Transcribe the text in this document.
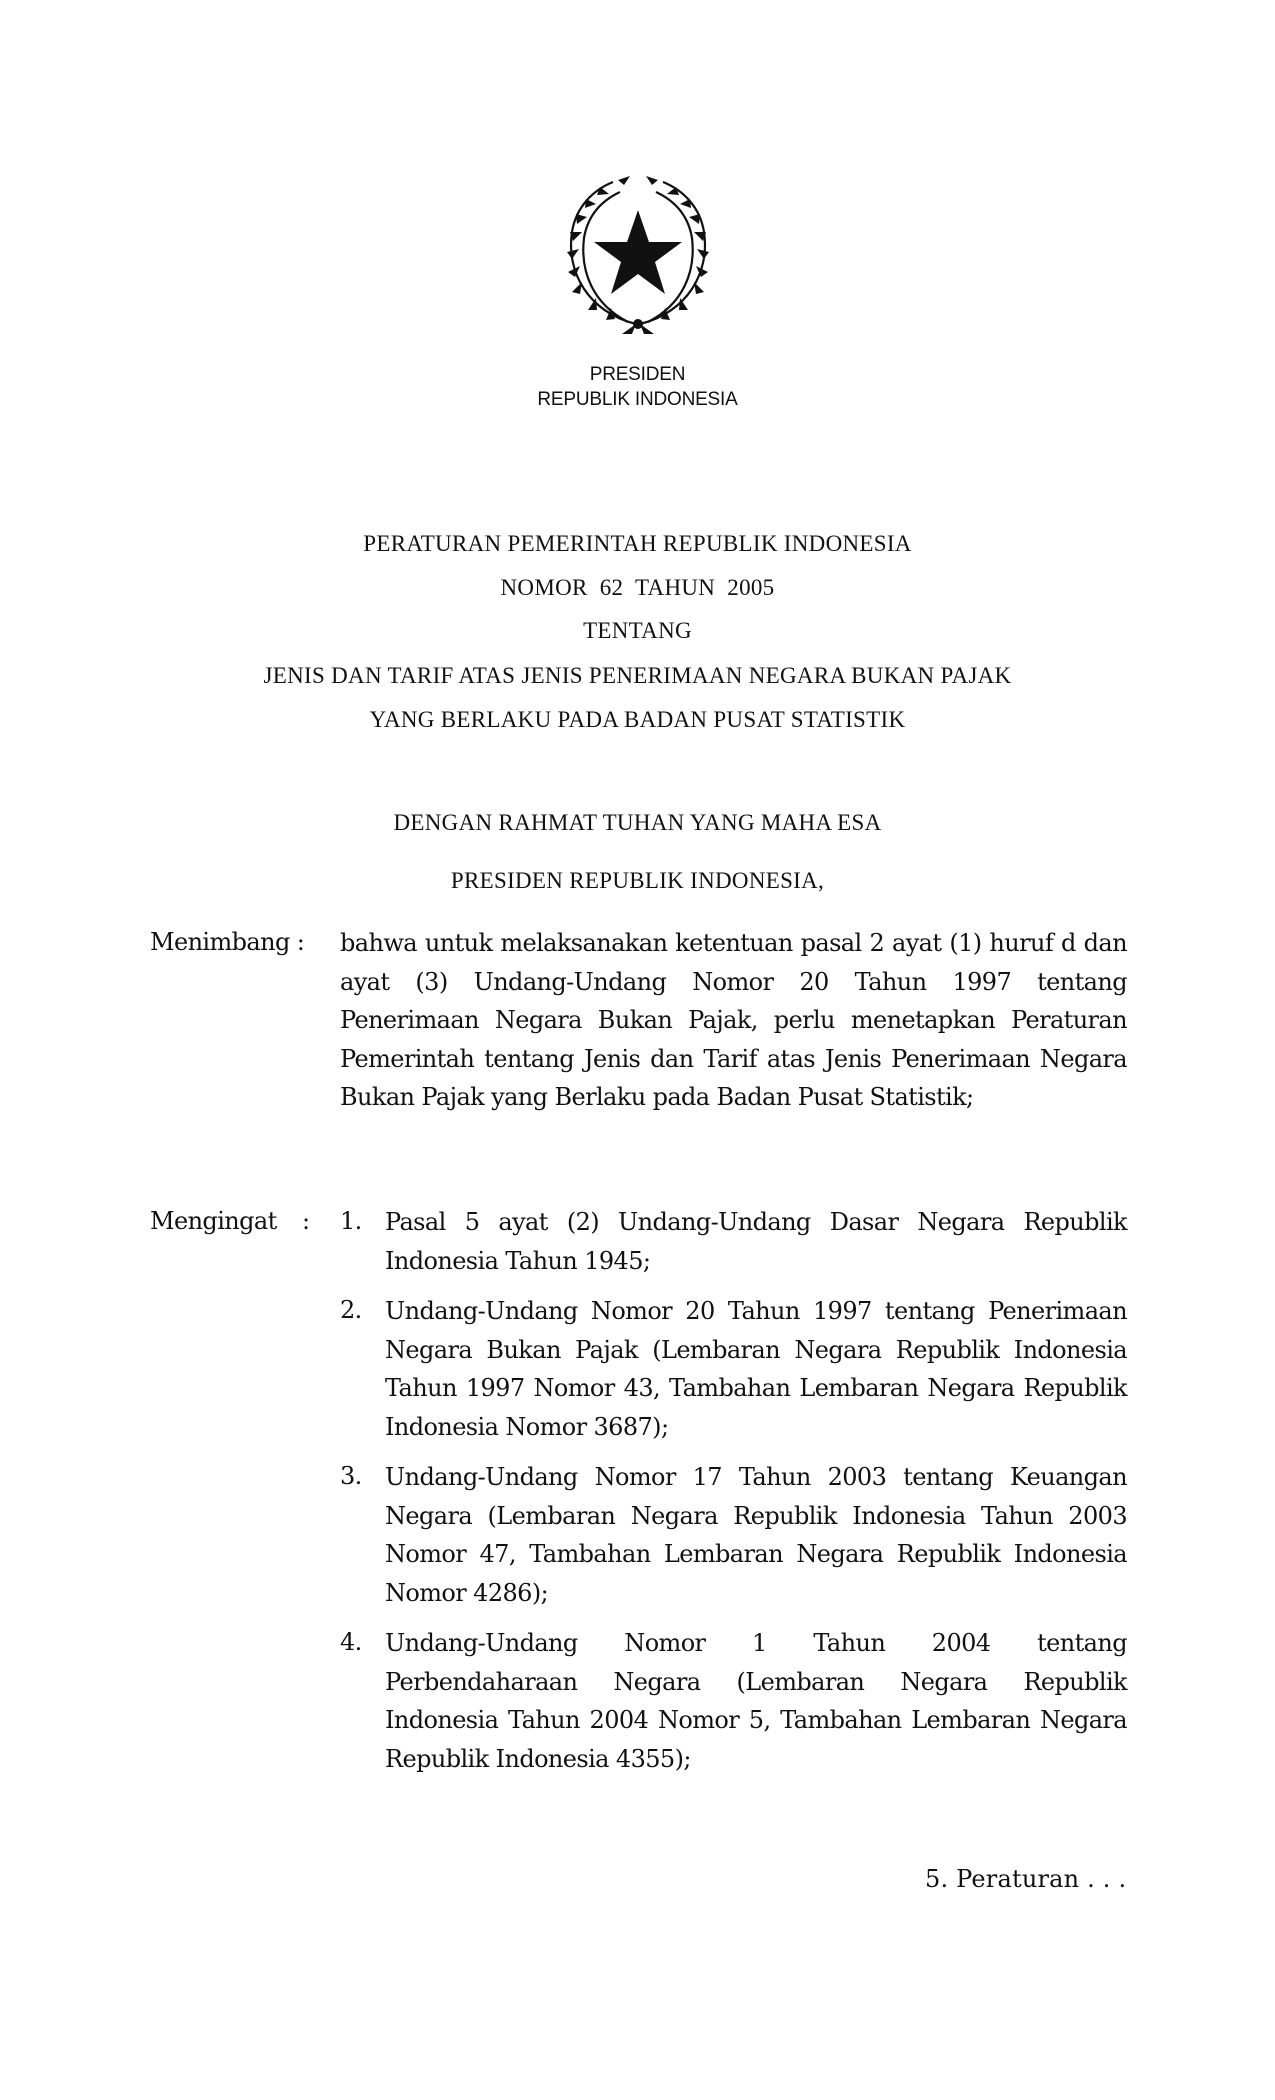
PRESIDEN
REPUBLIK INDONESIA
PERATURAN PEMERINTAH REPUBLIK INDONESIA
NOMOR  62  TAHUN  2005
TENTANG
JENIS DAN TARIF ATAS JENIS PENERIMAAN NEGARA BUKAN PAJAK
YANG BERLAKU PADA BADAN PUSAT STATISTIK
DENGAN RAHMAT TUHAN YANG MAHA ESA
PRESIDEN REPUBLIK INDONESIA,
Menimbang : bahwa untuk melaksanakan ketentuan pasal 2 ayat (1) huruf d dan ayat (3) Undang-Undang Nomor 20 Tahun 1997 tentang Penerimaan Negara Bukan Pajak, perlu menetapkan Peraturan Pemerintah tentang Jenis dan Tarif atas Jenis Penerimaan Negara Bukan Pajak yang Berlaku pada Badan Pusat Statistik;
Mengingat : 1. Pasal 5 ayat (2) Undang-Undang Dasar Negara Republik Indonesia Tahun 1945;
2. Undang-Undang Nomor 20 Tahun 1997 tentang Penerimaan Negara Bukan Pajak (Lembaran Negara Republik Indonesia Tahun 1997 Nomor 43, Tambahan Lembaran Negara Republik Indonesia Nomor 3687);
3. Undang-Undang Nomor 17 Tahun 2003 tentang Keuangan Negara (Lembaran Negara Republik Indonesia Tahun 2003 Nomor 47, Tambahan Lembaran Negara Republik Indonesia Nomor 4286);
4. Undang-Undang Nomor 1 Tahun 2004 tentang Perbendaharaan Negara (Lembaran Negara Republik Indonesia Tahun 2004 Nomor 5, Tambahan Lembaran Negara Republik Indonesia 4355);
5. Peraturan . . .
